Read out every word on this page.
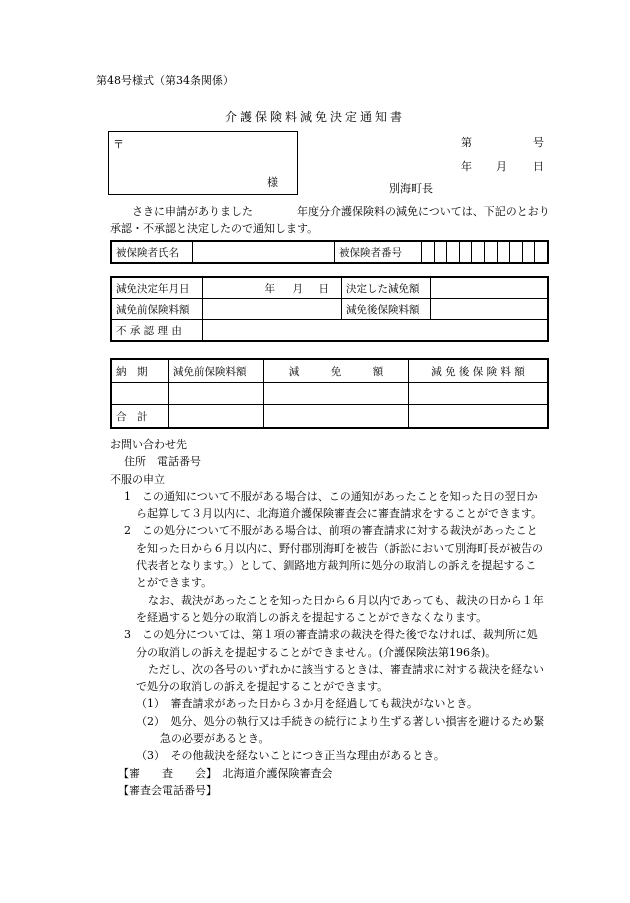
第48号様式（第34条関係）
介護保険料減免決定通知書
〒
様
第	号
年 月 日
別海町長
さきに申請がありました	年度分介護保険料の減免については、下記のとおり
承認・不承認と決定したので通知します。
被保険者氏名		被保険者番号	
減免決定年月日	年 月 日	決定した減免額	
減免前保険料額		減免後保険料額	
不 承 認 理 由			
納　期	減免前保険料額	減　　　免　　　額	減 免 後 保 険 料 額

合　計			
お問い合わせ先
住所　 電話番号
不服の申立
1　この通知について不服がある場合は、この通知があったことを知った日の翌日か
ら起算して３月以内に、北海道介護保険審査会に審査請求をすることができます。
2　この処分について不服がある場合は、前項の審査請求に対する裁決があったこと
を知った日から６月以内に、野付郡別海町を被告（訴訟において別海町長が被告の
代表者となります。）として、釧路地方裁判所に処分の取消しの訴えを提起するこ
とができます。
なお、裁決があったことを知った日から６月以内であっても、裁決の日から１年
を経過すると処分の取消しの訴えを提起することができなくなります。
3　この処分については、第１項の審査請求の裁決を得た後でなければ、裁判所に処
分の取消しの訴えを提起することができません。(介護保険法第196条)。
ただし、次の各号のいずれかに該当するときは、審査請求に対する裁決を経ない
で処分の取消しの訴えを提起することができます。
（1）　審査請求があった日から３か月を経過しても裁決がないとき。
（2）　処分、処分の執行又は手続きの続行により生ずる著しい損害を避けるため緊
急の必要があるとき。
（3）　その他裁決を経ないことにつき正当な理由があるとき。
【審　　査　　会】　 北海道介護保険審査会
【審査会電話番号】
